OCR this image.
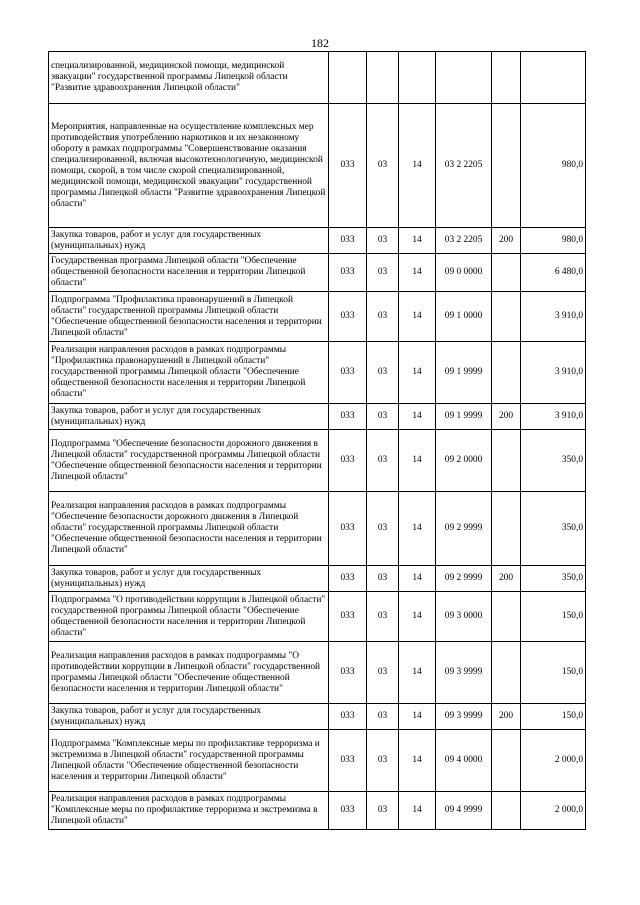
182
специализированной, медицинской помощи, медицинской эвакуации" государственной программы Липецкой области "Развитие здравоохранения Липецкой области"						
Мероприятия, направленные на осуществление комплексных мер противодействия употреблению наркотиков и их незаконному обороту в рамках подпрограммы "Совершенствование оказания специализированной, включая высокотехнологичную, медицинской помощи, скорой, в том числе скорой специализированной, медицинской помощи, медицинской эвакуации" государственной программы Липецкой области "Развитие здравоохранения Липецкой области"	033	03	14	03 2 2205		980,0
Закупка товаров, работ и услуг для государственных (муниципальных) нужд	033	03	14	03 2 2205	200	980,0
Государственная программа Липецкой области "Обеспечение общественной безопасности населения и территории Липецкой области"	033	03	14	09 0 0000		6 480,0
Подпрограмма "Профилактика правонарушений в Липецкой области" государственной программы Липецкой области "Обеспечение общественной безопасности населения и территории Липецкой области"	033	03	14	09 1 0000		3 910,0
Реализация направления расходов в рамках подпрограммы "Профилактика правонарушений в Липецкой области" государственной программы Липецкой области "Обеспечение общественной безопасности населения и территории Липецкой области"	033	03	14	09 1 9999		3 910,0
Закупка товаров, работ и услуг для государственных (муниципальных) нужд	033	03	14	09 1 9999	200	3 910,0
Подпрограмма "Обеспечение безопасности дорожного движения в Липецкой области" государственной программы Липецкой области "Обеспечение общественной безопасности населения и территории Липецкой области"	033	03	14	09 2 0000		350,0
Реализация направления расходов в рамках подпрограммы "Обеспечение безопасности дорожного движения в Липецкой области" государственной программы Липецкой области "Обеспечение общественной безопасности населения и территории Липецкой области"	033	03	14	09 2 9999		350,0
Закупка товаров, работ и услуг для государственных (муниципальных) нужд	033	03	14	09 2 9999	200	350,0
Подпрограмма "О противодействии коррупции в Липецкой области" государственной программы Липецкой области "Обеспечение общественной безопасности населения и территории Липецкой области"	033	03	14	09 3 0000		150,0
Реализация направления расходов в рамках подпрограммы "О противодействии коррупции в Липецкой области" государственной программы Липецкой области "Обеспечение общественной безопасности населения и территории Липецкой области"	033	03	14	09 3 9999		150,0
Закупка товаров, работ и услуг для государственных (муниципальных) нужд	033	03	14	09 3 9999	200	150,0
Подпрограмма "Комплексные меры по профилактике терроризма и экстремизма в Липецкой области" государственной программы Липецкой области "Обеспечение общественной безопасности населения и территории Липецкой области"	033	03	14	09 4 0000		2 000,0
Реализация направления расходов в рамках подпрограммы "Комплексные меры по профилактике терроризма и экстремизма в Липецкой области"	033	03	14	09 4 9999		2 000,0
